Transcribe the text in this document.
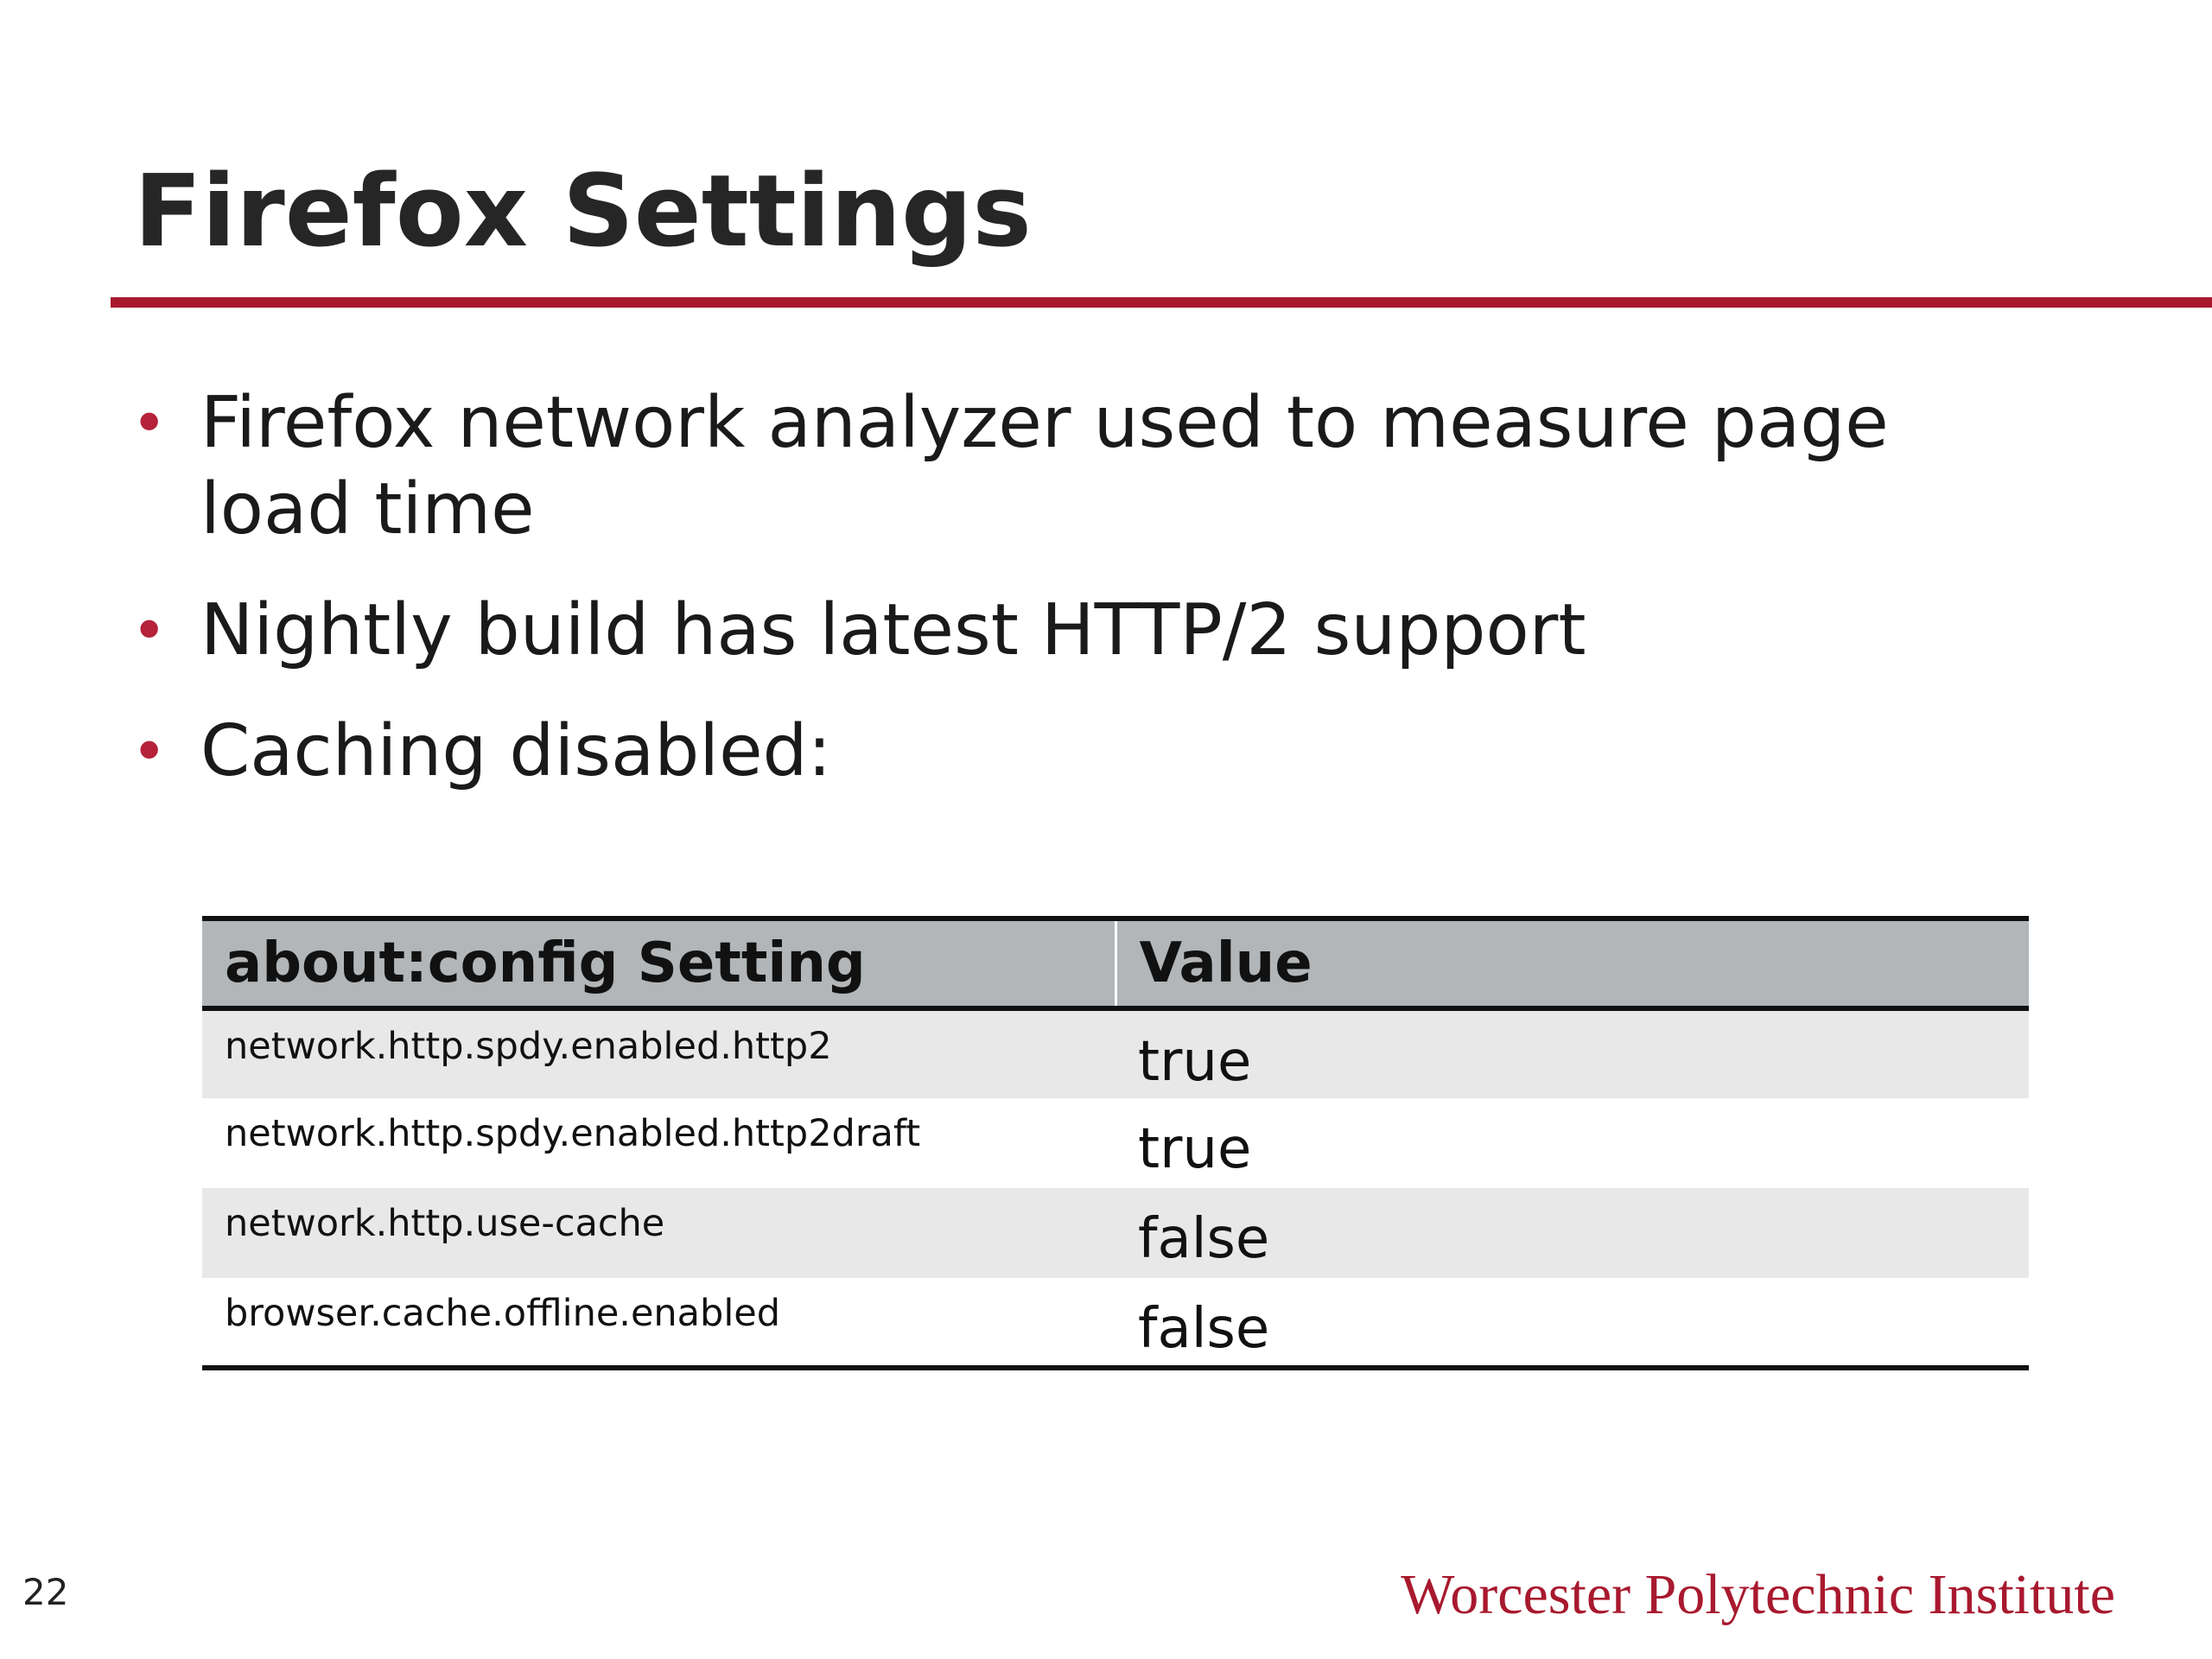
Firefox Settings
• Firefox network analyzer used to measure page
load time
• Nightly build has latest HTTP/2 support
• Caching disabled:
about:config Setting	Value
network.http.spdy.enabled.http2	true
network.http.spdy.enabled.http2draft	true
network.http.use-cache	false
browser.cache.offline.enabled	false
22	Worcester Polytechnic Institute
